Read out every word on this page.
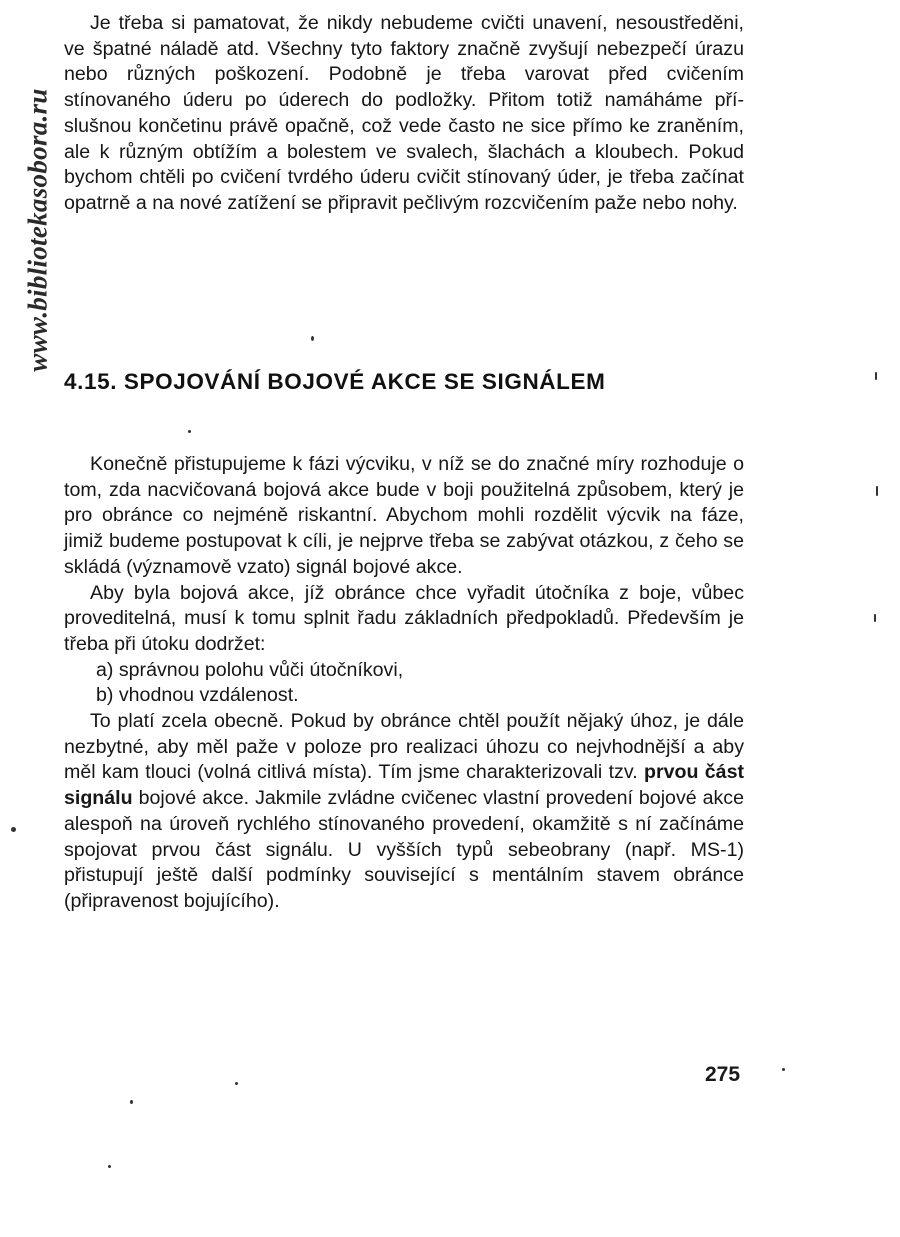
www.bibliotekasobora.ru

Je třeba si pamatovat, že nikdy nebudeme cvičti unavení, nesoustředěni, ve špatné náladě atd. Všechny tyto faktory značně zvyšují nebezpečí úrazu nebo různých poškození. Podobně je třeba varovat před cvičením stínovaného úderu po úderech do podložky. Přitom totiž namáháme příslušnou končetinu právě opačně, což vede často ne sice přímo ke zraněním, ale k různým obtížím a bolestem ve svalech, šlachách a kloubech. Pokud bychom chtěli po cvičení tvrdého úderu cvičit stínovaný úder, je třeba začínat opatrně a na nové zatížení se připravit pečlivým rozcvičením paže nebo nohy.

4.15. SPOJOVÁNÍ BOJOVÉ AKCE SE SIGNÁLEM

Konečně přistupujeme k fázi výcviku, v níž se do značné míry rozhoduje o tom, zda nacvičovaná bojová akce bude v boji použitelná způsobem, který je pro obránce co nejméně riskantní. Abychom mohli rozdělit výcvik na fáze, jimiž budeme postupovat k cíli, je nejprve třeba se zabývat otázkou, z čeho se skládá (významově vzato) signál bojové akce.

Aby byla bojová akce, jíž obránce chce vyřadit útočníka z boje, vůbec proveditelná, musí k tomu splnit řadu základních předpokladů. Především je třeba při útoku dodržet:

a) správnou polohu vůči útočníkovi,

b) vhodnou vzdálenost.

To platí zcela obecně. Pokud by obránce chtěl použít nějaký úhoz, je dále nezbytné, aby měl paže v poloze pro realizaci úhozu co nejvhodnější a aby měl kam tlouci (volná citlivá místa). Tím jsme charakterizovali tzv. prvou část signálu bojové akce. Jakmile zvládne cvičenec vlastní provedení bojové akce alespoň na úroveň rychlého stínovaného provedení, okamžitě s ní začínáme spojovat prvou část signálu. U vyšších typů sebeobrany (např. MS-1) přistupují ještě další podmínky související s mentálním stavem obránce (připravenost bojujícího).

275
